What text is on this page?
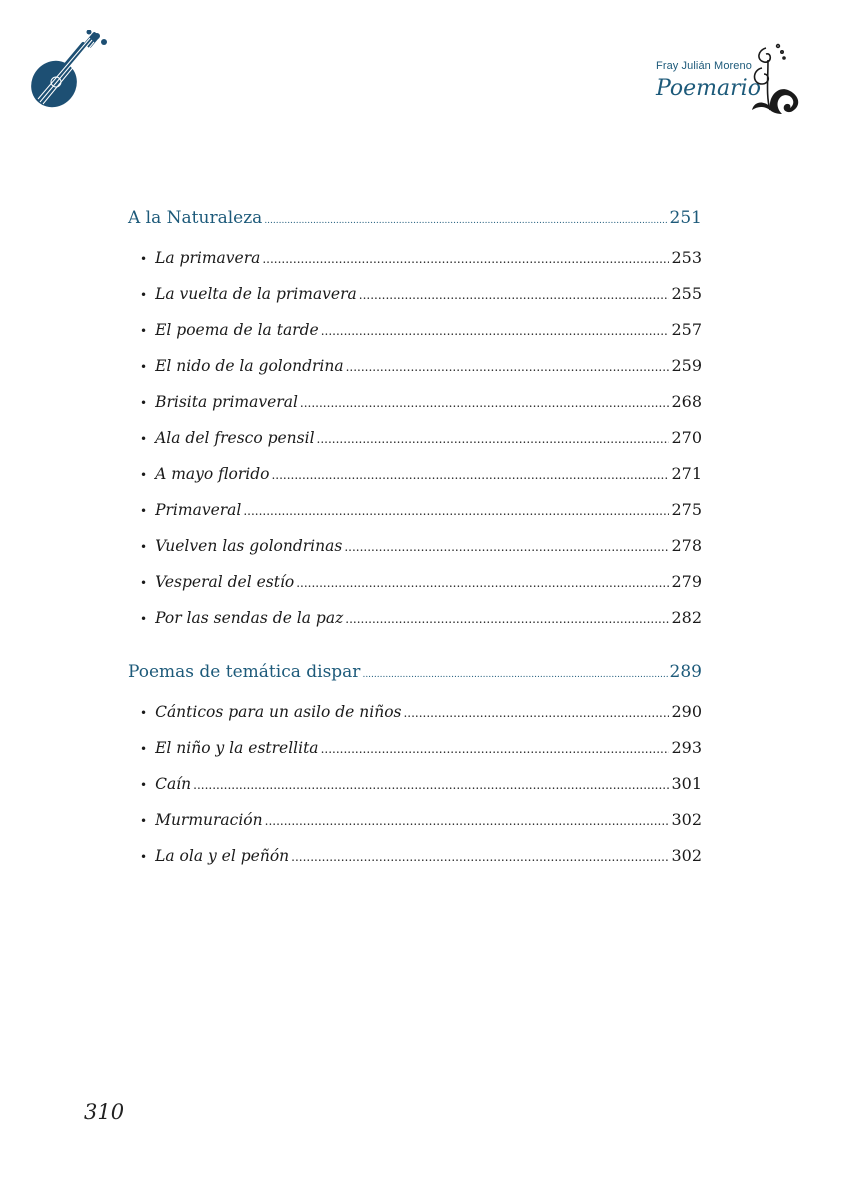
Fray Julián Moreno
Poemario
A la Naturaleza .....	251
• La primavera .....	253
• La vuelta de la primavera .....	255
• El poema de la tarde .....	257
• El nido de la golondrina .....	259
• Brisita primaveral .....	268
• Ala del fresco pensil .....	270
• A mayo florido .....	271
• Primaveral .....	275
• Vuelven las golondrinas .....	278
• Vesperal del estío .....	279
• Por las sendas de la paz .....	282
Poemas de temática dispar .....	289
• Cánticos para un asilo de niños .....	290
• El niño y la estrellita .....	293
• Caín .....	301
• Murmuración .....	302
• La ola y el peñón .....	302
310
